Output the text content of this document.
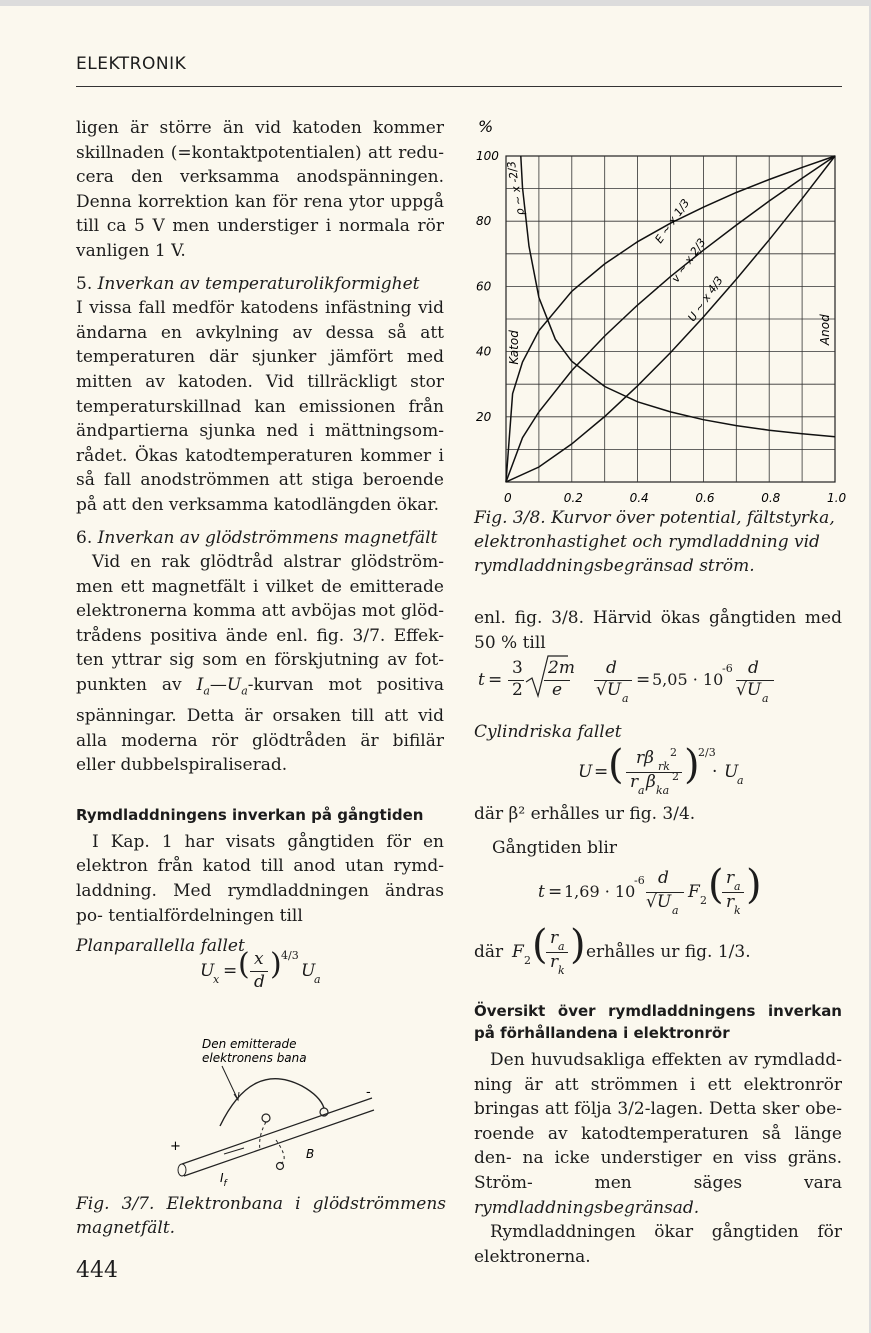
ELEKTRONIK

ligen är större än vid katoden kommer skillnaden (=kontaktpotentialen) att redu- cera den verksamma anodspänningen. Denna korrektion kan för rena ytor uppgå till ca 5 V men understiger i normala rör vanligen 1 V.

5. Inverkan av temperaturolikformighet

I vissa fall medför katodens infästning vid ändarna en avkylning av dessa så att temperaturen där sjunker jämfört med mitten av katoden. Vid tillräckligt stor temperaturskillnad kan emissionen från ändpartierna sjunka ned i mättningsom- rådet. Ökas katodtemperaturen kommer i så fall anodströmmen att stiga beroende på att den verksamma katodlängden ökar.

6. Inverkan av glödströmmens magnetfält

Vid en rak glödtråd alstrar glödström- men ett magnetfält i vilket de emitterade elektronerna komma att avböjas mot glöd- trådens positiva ände enl. fig. 3/7. Effek- ten yttrar sig som en förskjutning av fot- punkten av $I_a—U_a$-kurvan mot positiva spänningar. Detta är orsaken till att vid alla moderna rör glödtråden är bifilär eller dubbelspiraliserad.

Rymdladdningens inverkan på gångtiden

I Kap. 1 har visats gångtiden för en elektron från katod till anod utan rymd- laddning. Med rymdladdningen ändras po- tentialfördelningen till

Planparallella fallet

U
x = ( x
d ) 4/3
U
a
Den emitterade
elektronens bana
+
-
B
$I_f$
Fig. 3/7. Elektronbana i glödströmmens magnetfält.
444
0	0,2	0,4	0,6	0,8	1,0
20
40
60
80
100
%
Katod
Anod
U ~ x 4/3
v ~ x 2/3
E ~ x 1/3
ρ ~ x -2/3
Fig. 3/8. Kurvor över potential, fältstyrka, elektronhastighet och rymdladdning vid rymdladdningsbegränsad ström.

enl. fig. 3/8. Härvid ökas gångtiden med 50 % till

t =
3
2
2m
e
d
√U a
= 5,05 · 10
-6 d
√U a
Cylindriska fallet
U = ( rβ rk
2
r a β ka
2 )
2/3
· U
a
där β² erhålles ur fig. 3/4.
Gångtiden blir
t = 1,69 · 10
-6 d
√U a
F 2 ( r a
r k
)
där F 2 ( r a
r k
) erhålles ur fig. 1/3.

Översikt över rymdladdningens inverkan på förhållandena i elektronrör

Den huvudsakliga effekten av rymdladd- ning är att strömmen i ett elektronrör bringas att följa 3/2-lagen. Detta sker obe- roende av katodtemperaturen så länge den- na icke understiger en viss gräns. Ström- men säges vara rymdladdningsbegränsad.

Rymdladdningen ökar gångtiden för elektronerna.
